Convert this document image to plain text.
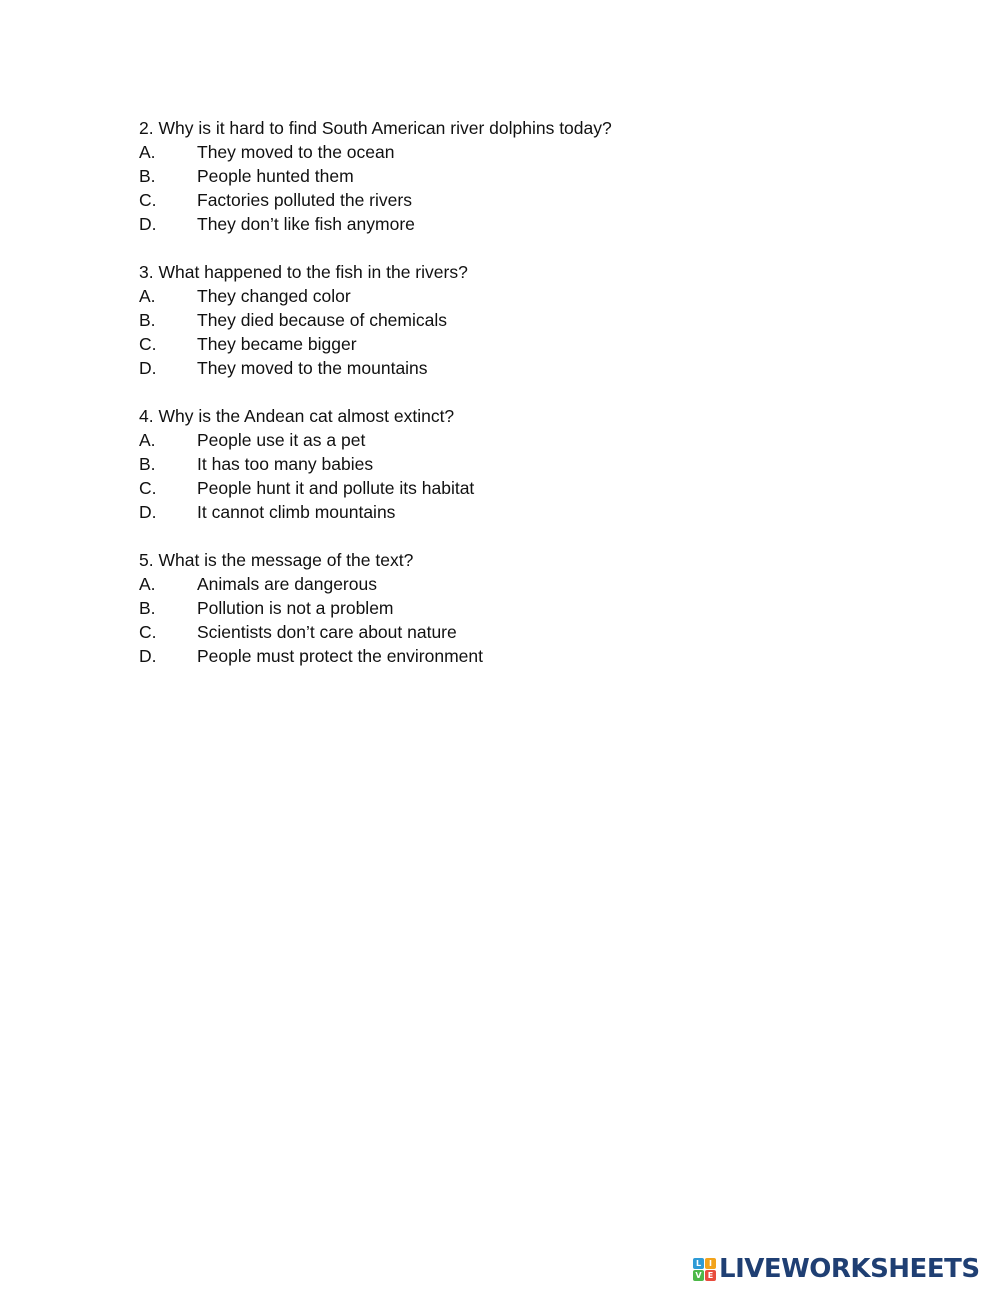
2. Why is it hard to find South American river dolphins today?
A.	They moved to the ocean
B.	People hunted them
C.	Factories polluted the rivers
D.	They don’t like fish anymore
3. What happened to the fish in the rivers?
A.	They changed color
B.	They died because of chemicals
C.	They became bigger
D.	They moved to the mountains
4. Why is the Andean cat almost extinct?
A.	People use it as a pet
B.	It has too many babies
C.	People hunt it and pollute its habitat
D.	It cannot climb mountains
5. What is the message of the text?
A.	Animals are dangerous
B.	Pollution is not a problem
C.	Scientists don’t care about nature
D.	People must protect the environment
L I
V E LIVEWORKSHEETS
